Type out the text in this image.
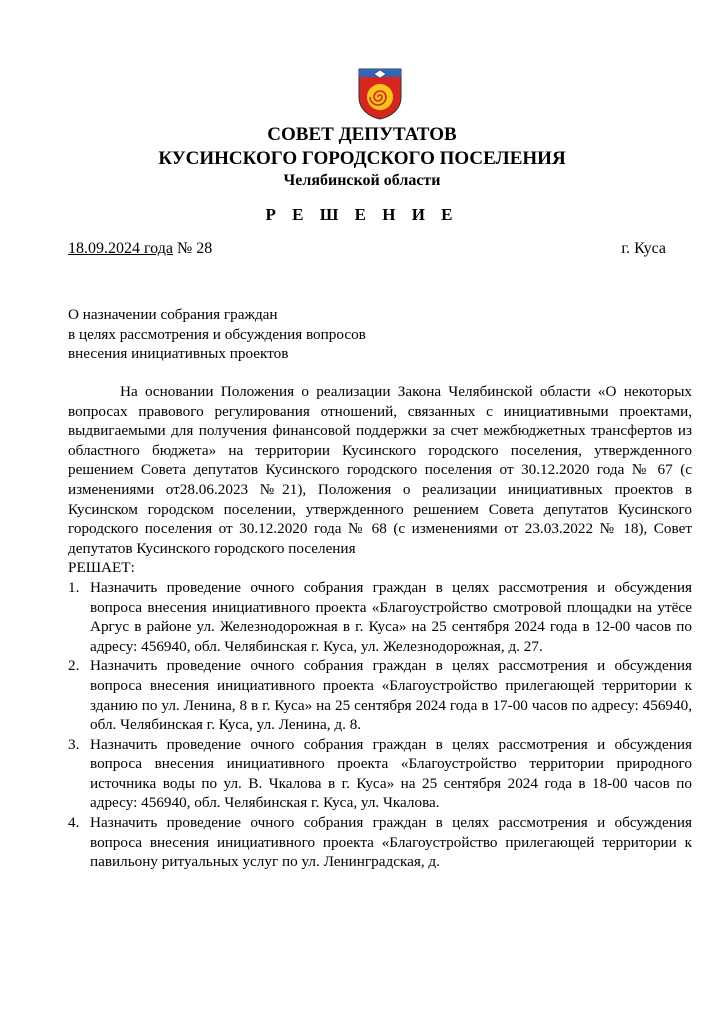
СОВЕТ ДЕПУТАТОВ
КУСИНСКОГО ГОРОДСКОГО ПОСЕЛЕНИЯ
Челябинской области
Р Е Ш Е Н И Е
18.09.2024 года № 28	г. Куса
О назначении собрания граждан
в целях рассмотрения и обсуждения вопросов
внесения инициативных проектов

На основании Положения о реализации Закона Челябинской области «О некоторых вопросах правового регулирования отношений, связанных с инициативными проектами, выдвигаемыми для получения финансовой поддержки за счет межбюджетных трансфертов из областного бюджета» на территории Кусинского городского поселения, утвержденного решением Совета депутатов Кусинского городского поселения от 30.12.2020 года № 67 (с изменениями от28.06.2023 №21), Положения о реализации инициативных проектов в Кусинском городском поселении, утвержденного решением Совета депутатов Кусинского городского поселения от 30.12.2020 года № 68 (с изменениями от 23.03.2022 № 18), Совет депутатов Кусинского городского поселения

РЕШАЕТ:

1. Назначить проведение очного собрания граждан в целях рассмотрения и обсуждения вопроса внесения инициативного проекта «Благоустройство смотровой площадки на утёсе Аргус в районе ул. Железнодорожная в г. Куса» на 25 сентября 2024 года в 12-00 часов по адресу: 456940, обл. Челябинская г. Куса, ул. Железнодорожная, д. 27.
2. Назначить проведение очного собрания граждан в целях рассмотрения и обсуждения вопроса внесения инициативного проекта «Благоустройство прилегающей территории к зданию по ул. Ленина, 8 в г. Куса» на 25 сентября 2024 года в 17-00 часов по адресу: 456940, обл. Челябинская г. Куса, ул. Ленина, д. 8.
3. Назначить проведение очного собрания граждан в целях рассмотрения и обсуждения вопроса внесения инициативного проекта «Благоустройство территории природного источника воды по ул. В. Чкалова в г. Куса» на 25 сентября 2024 года в 18-00 часов по адресу: 456940, обл. Челябинская г. Куса, ул. Чкалова.
4. Назначить проведение очного собрания граждан в целях рассмотрения и обсуждения вопроса внесения инициативного проекта «Благоустройство прилегающей территории к павильону ритуальных услуг по ул. Ленинградская, д.
